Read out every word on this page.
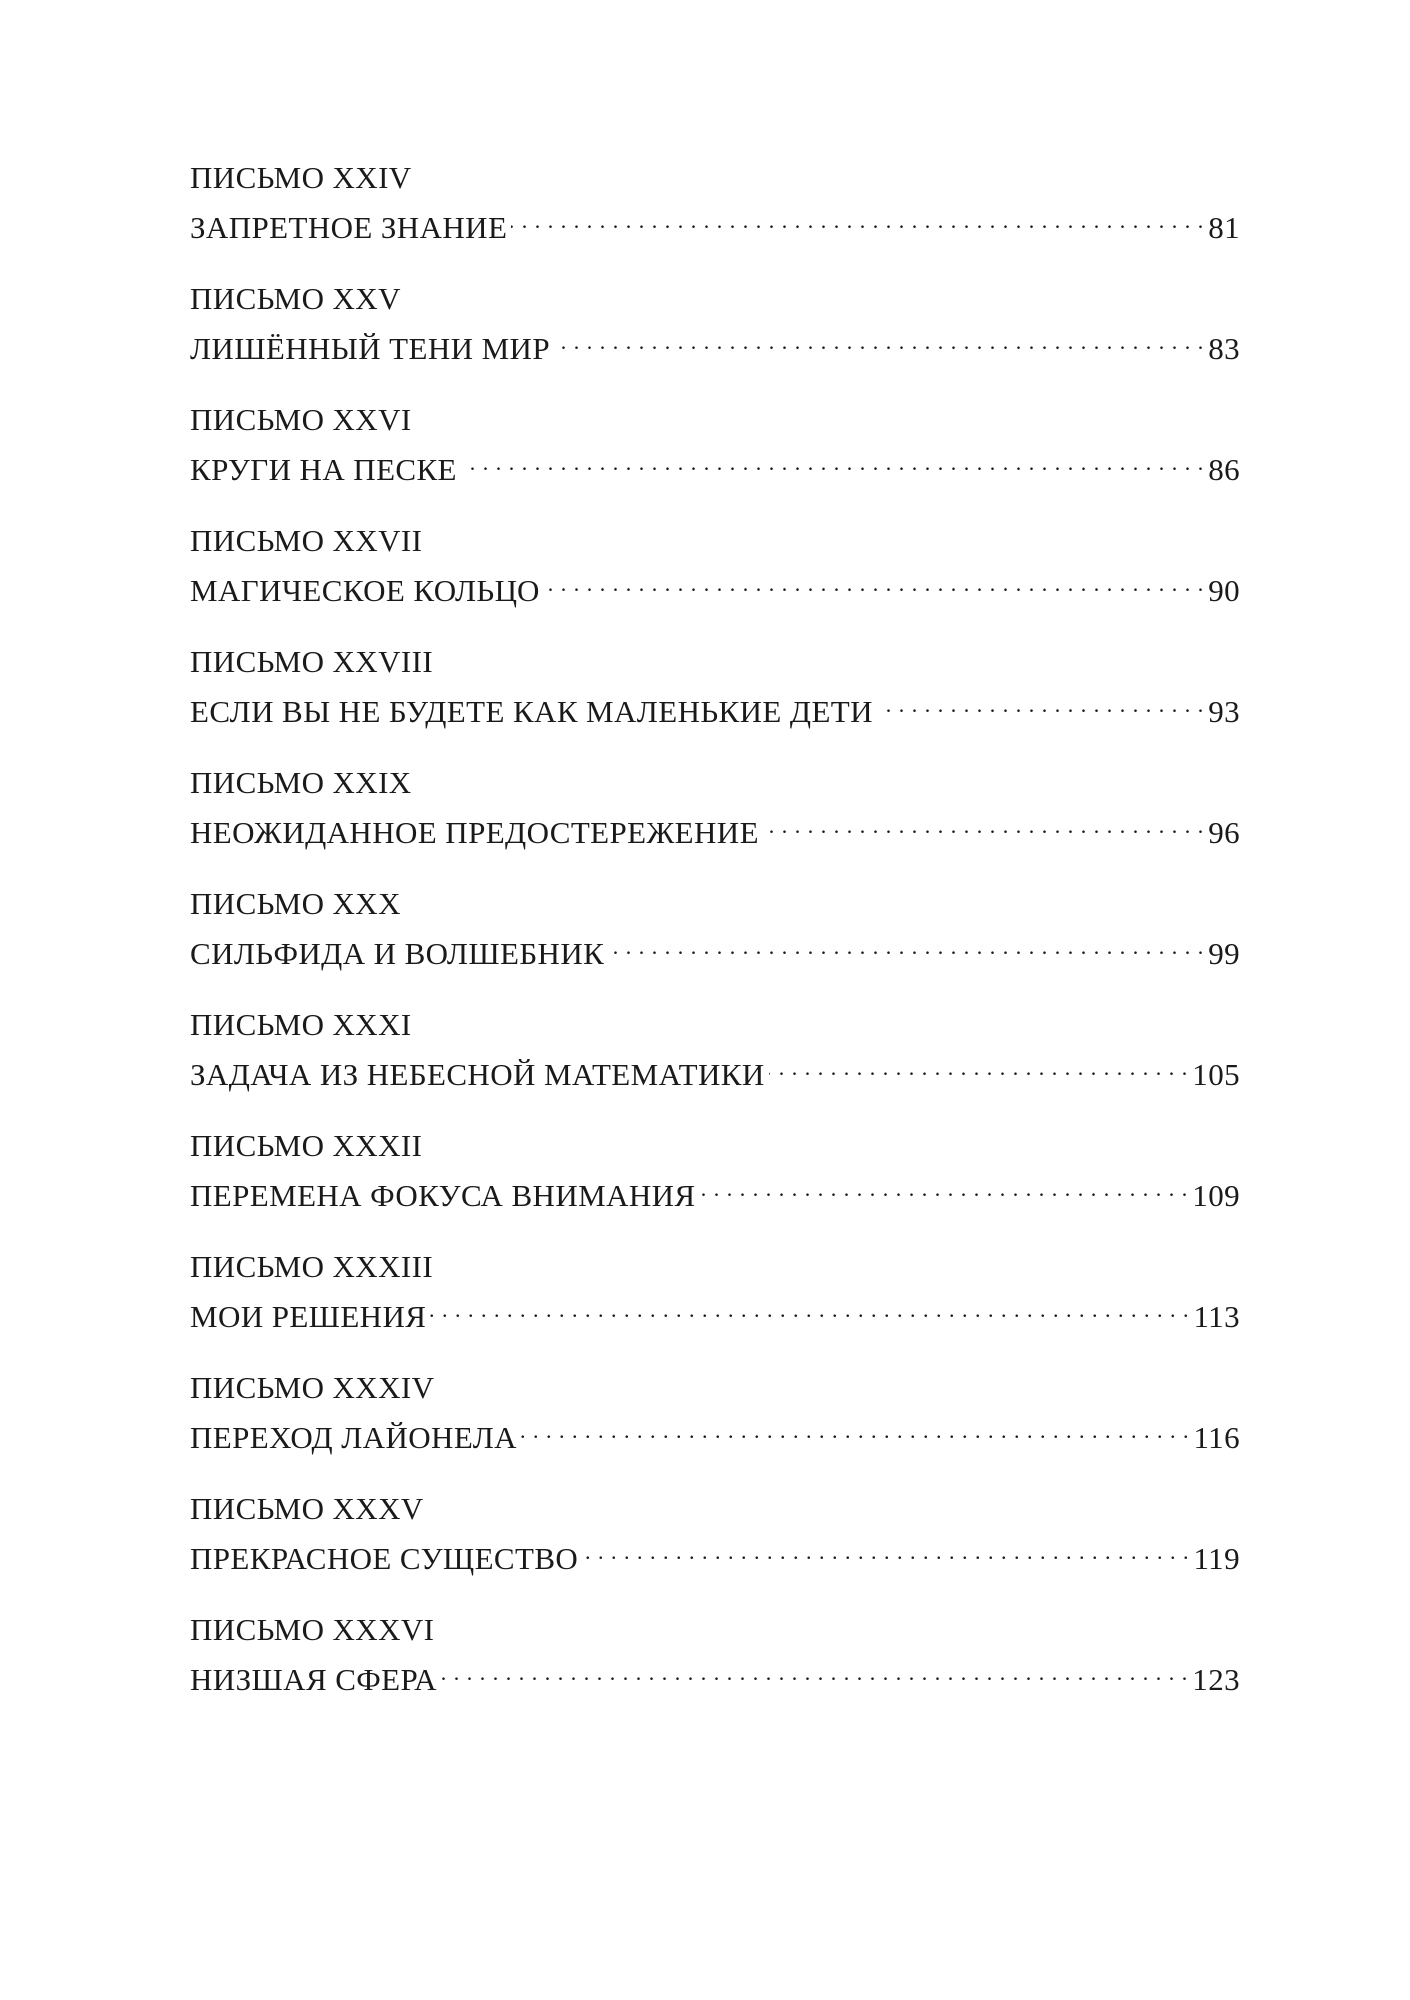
ПИСЬМО XXIV
ЗАПРЕТНОЕ ЗНАНИЕ . . .	81
ПИСЬМО XXV
ЛИШЁННЫЙ ТЕНИ МИР . . .	83
ПИСЬМО XXVI
КРУГИ НА ПЕСКЕ . . .	86
ПИСЬМО XXVII
МАГИЧЕСКОЕ КОЛЬЦО . . .	90
ПИСЬМО XXVIII
ЕСЛИ ВЫ НЕ БУДЕТЕ КАК МАЛЕНЬКИЕ ДЕТИ . . .	93
ПИСЬМО XXIX
НЕОЖИДАННОЕ ПРЕДОСТЕРЕЖЕНИЕ . . .	96
ПИСЬМО XXX
СИЛЬФИДА И ВОЛШЕБНИК . . .	99
ПИСЬМО XXXI
ЗАДАЧА ИЗ НЕБЕСНОЙ МАТЕМАТИКИ . . .	105
ПИСЬМО XXXII
ПЕРЕМЕНА ФОКУСА ВНИМАНИЯ . . .	109
ПИСЬМО XXXIII
МОИ РЕШЕНИЯ . . .	113
ПИСЬМО XXXIV
ПЕРЕХОД ЛАЙОНЕЛА . . .	116
ПИСЬМО XXXV
ПРЕКРАСНОЕ СУЩЕСТВО . . .	119
ПИСЬМО XXXVI
НИЗШАЯ СФЕРА . . .	123
